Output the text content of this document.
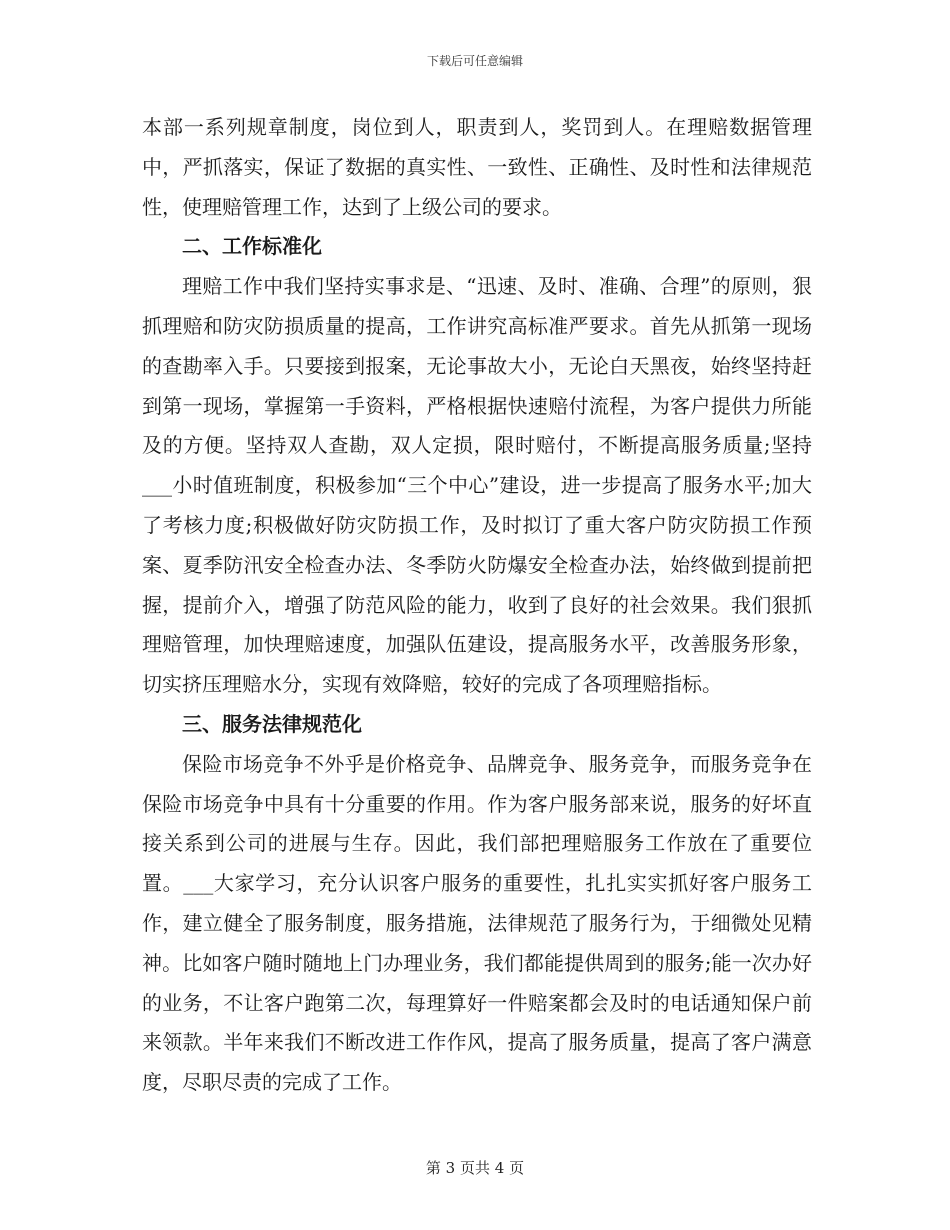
下载后可任意编辑

本部一系列规章制度，岗位到人，职责到人，奖罚到人。在理赔数据管理中，严抓落实，保证了数据的真实性、一致性、正确性、及时性和法律规范性，使理赔管理工作，达到了上级公司的要求。

二、工作标准化

理赔工作中我们坚持实事求是、“迅速、及时、准确、合理”的原则，狠抓理赔和防灾防损质量的提高，工作讲究高标准严要求。首先从抓第一现场的查勘率入手。只要接到报案，无论事故大小，无论白天黑夜，始终坚持赶到第一现场，掌握第一手资料，严格根据快速赔付流程，为客户提供力所能及的方便。坚持双人查勘，双人定损，限时赔付，不断提高服务质量;坚持___小时值班制度，积极参加“三个中心”建设，进一步提高了服务水平;加大了考核力度;积极做好防灾防损工作，及时拟订了重大客户防灾防损工作预案、夏季防汛安全检查办法、冬季防火防爆安全检查办法，始终做到提前把握，提前介入，增强了防范风险的能力，收到了良好的社会效果。我们狠抓理赔管理，加快理赔速度，加强队伍建设，提高服务水平，改善服务形象，切实挤压理赔水分，实现有效降赔，较好的完成了各项理赔指标。

三、服务法律规范化

保险市场竞争不外乎是价格竞争、品牌竞争、服务竞争，而服务竞争在保险市场竞争中具有十分重要的作用。作为客户服务部来说，服务的好坏直接关系到公司的进展与生存。因此，我们部把理赔服务工作放在了重要位置。___大家学习，充分认识客户服务的重要性，扎扎实实抓好客户服务工作，建立健全了服务制度，服务措施，法律规范了服务行为，于细微处见精神。比如客户随时随地上门办理业务，我们都能提供周到的服务;能一次办好的业务，不让客户跑第二次，每理算好一件赔案都会及时的电话通知保户前来领款。半年来我们不断改进工作作风，提高了服务质量，提高了客户满意度，尽职尽责的完成了工作。

第 3 页共 4 页
